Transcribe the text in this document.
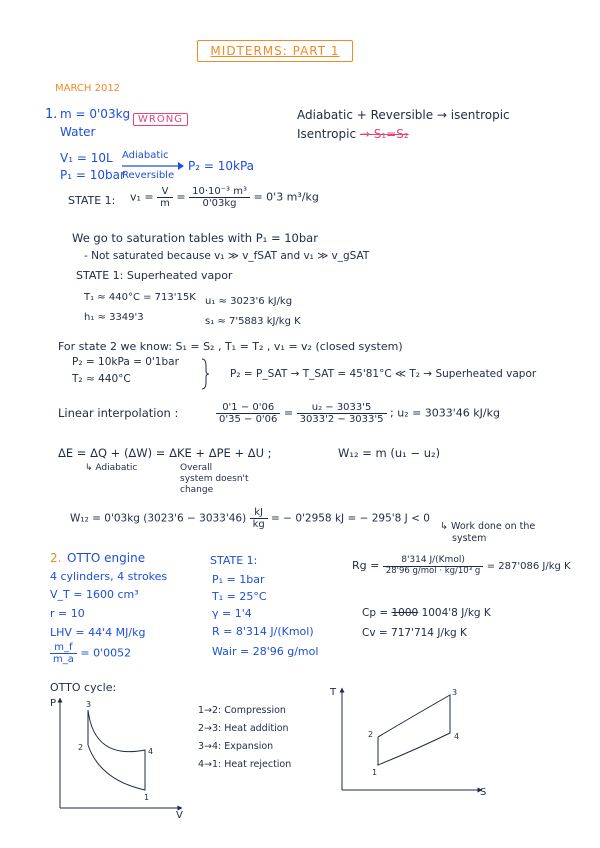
MIDTERMS: PART 1
MARCH 2012
1. m = 0'03kg WRONG
Water
V₁ = 10L
P₁ = 10bar
Adiabatic
Reversible
P₂ = 10kPa
Adiabatic + Reversible → isentropic
Isentropic → S₁=S₂
STATE 1: $v_1 = \frac{V}{m} = \frac{\text{10·10⁻³ m³}}{0'03kg} = 0'3$ m³/kg
We go to saturation tables with P₁ = 10bar
- Not saturated because v₁ ≫ v_fSAT and v₁ ≫ v_gSAT
STATE 1: Superheated vapor
T₁ ≈ 440°C = 713'15K
h₁ ≈ 3349'3
u₁ ≈ 3023'6 kJ/kg
s₁ ≈ 7'5883 kJ/kg K
For state 2 we know: S₁ = S₂ , T₁ = T₂ , v₁ = v₂ (closed system)
P₂ = 10kPa = 0'1bar
T₂ ≈ 440°C	P₂ = P_SAT → T_SAT = 45'81°C ≪ T₂ → Superheated vapor
Linear interpolation :	$\frac{0'1 - 0'06}{0'35 - 0'06} = \frac{\text{u₂ − 3033'5}}{3033'2 - 3033'5}$ ; u₂ = 3033'46 kJ/kg
ΔE = ΔQ + (ΔW) = ΔKE + ΔPE + ΔU ;
↳ Adiabatic	Overall
system doesn't
change
W₁₂ = m (u₁ − u₂)
W₁₂ = 0'03kg $(3023'6 - 3033'46) \frac{kJ}{kg}$ = − 0'2958 kJ = − 295'8 J < 0
↳ Work done on the
system
2. OTTO engine
4 cylinders, 4 strokes
V_T = 1600 cm³
r = 10
LHV = 44'4 MJ/kg
$\frac{m\_f}{m\_a} = 0'0052$
STATE 1:
P₁ = 1bar
T₁ = 25°C
γ = 1'4
R = 8'314 J/(Kmol)
Wair = 28'96 g/mol
$Rg = \frac{\text{8'314 J/(Kmol)}}{\text{28'96 g/mol · kg/10³ g}} = 287'086$ J/kg K
Cp = 1000 1004'8 J/kg K
Cv = 717'714 J/kg K
OTTO cycle:
P
V
3
2	4
1
1→2: Compression
2→3: Heat addition
3→4: Expansion
4→1: Heat rejection
T
S
3
2	4
1
